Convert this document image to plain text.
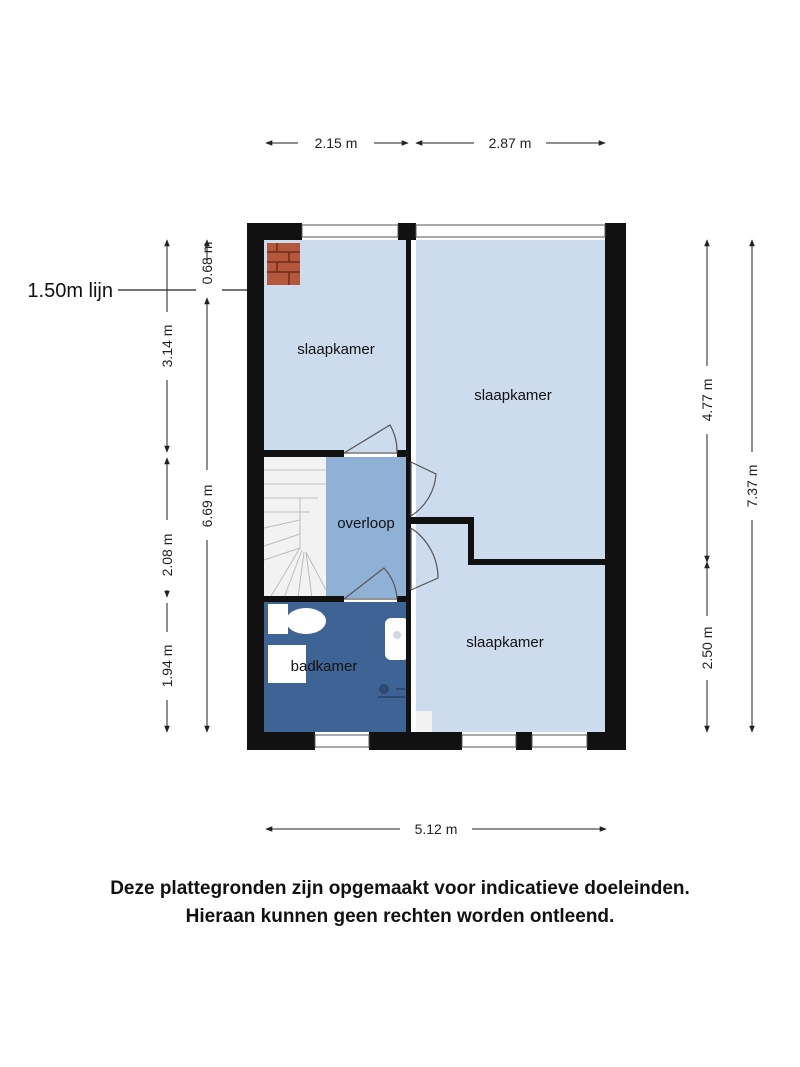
slaapkamer
slaapkamer
slaapkamer
overloop
badkamer
2.15 m	2.87 m
5.12 m
3.14 m
2.08 m
1.94 m
0.68 m
6.69 m
1.50m lijn
4.77 m
2.50 m
7.37 m
Deze plattegronden zijn opgemaakt voor indicatieve doeleinden.
Hieraan kunnen geen rechten worden ontleend.
